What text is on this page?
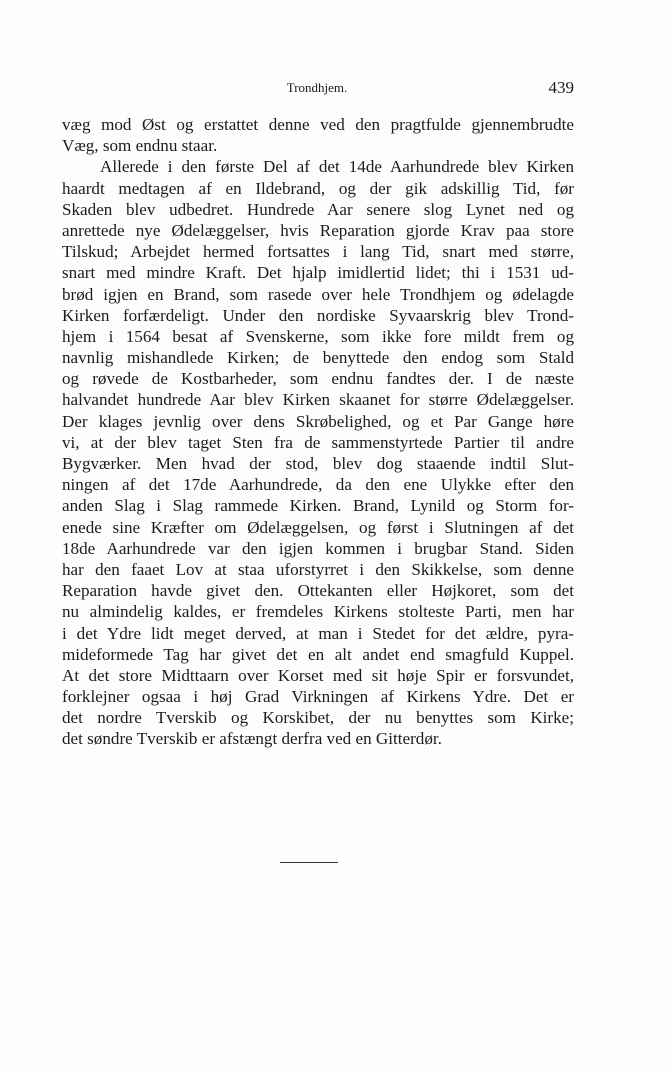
Trondhjem.	439
væg mod Øst og erstattet denne ved den pragtfulde gjennembrudte
Væg, som endnu staar.
Allerede i den første Del af det 14de Aarhundrede blev Kirken
haardt medtagen af en Ildebrand, og der gik adskillig Tid, før
Skaden blev udbedret. Hundrede Aar senere slog Lynet ned og
anrettede nye Ødelæggelser, hvis Reparation gjorde Krav paa store
Tilskud; Arbejdet hermed fortsattes i lang Tid, snart med større,
snart med mindre Kraft. Det hjalp imidlertid lidet; thi i 1531 ud-
brød igjen en Brand, som rasede over hele Trondhjem og ødelagde
Kirken forfærdeligt. Under den nordiske Syvaarskrig blev Trond-
hjem i 1564 besat af Svenskerne, som ikke fore mildt frem og
navnlig mishandlede Kirken; de benyttede den endog som Stald
og røvede de Kostbarheder, som endnu fandtes der. I de næste
halvandet hundrede Aar blev Kirken skaanet for større Ødelæggelser.
Der klages jevnlig over dens Skrøbelighed, og et Par Gange høre
vi, at der blev taget Sten fra de sammenstyrtede Partier til andre
Bygværker. Men hvad der stod, blev dog staaende indtil Slut-
ningen af det 17de Aarhundrede, da den ene Ulykke efter den
anden Slag i Slag rammede Kirken. Brand, Lynild og Storm for-
enede sine Kræfter om Ødelæggelsen, og først i Slutningen af det
18de Aarhundrede var den igjen kommen i brugbar Stand. Siden
har den faaet Lov at staa uforstyrret i den Skikkelse, som denne
Reparation havde givet den. Ottekanten eller Højkoret, som det
nu almindelig kaldes, er fremdeles Kirkens stolteste Parti, men har
i det Ydre lidt meget derved, at man i Stedet for det ældre, pyra-
mideformede Tag har givet det en alt andet end smagfuld Kuppel.
At det store Midttaarn over Korset med sit høje Spir er forsvundet,
forklejner ogsaa i høj Grad Virkningen af Kirkens Ydre. Det er
det nordre Tverskib og Korskibet, der nu benyttes som Kirke;
det søndre Tverskib er afstængt derfra ved en Gitterdør.
